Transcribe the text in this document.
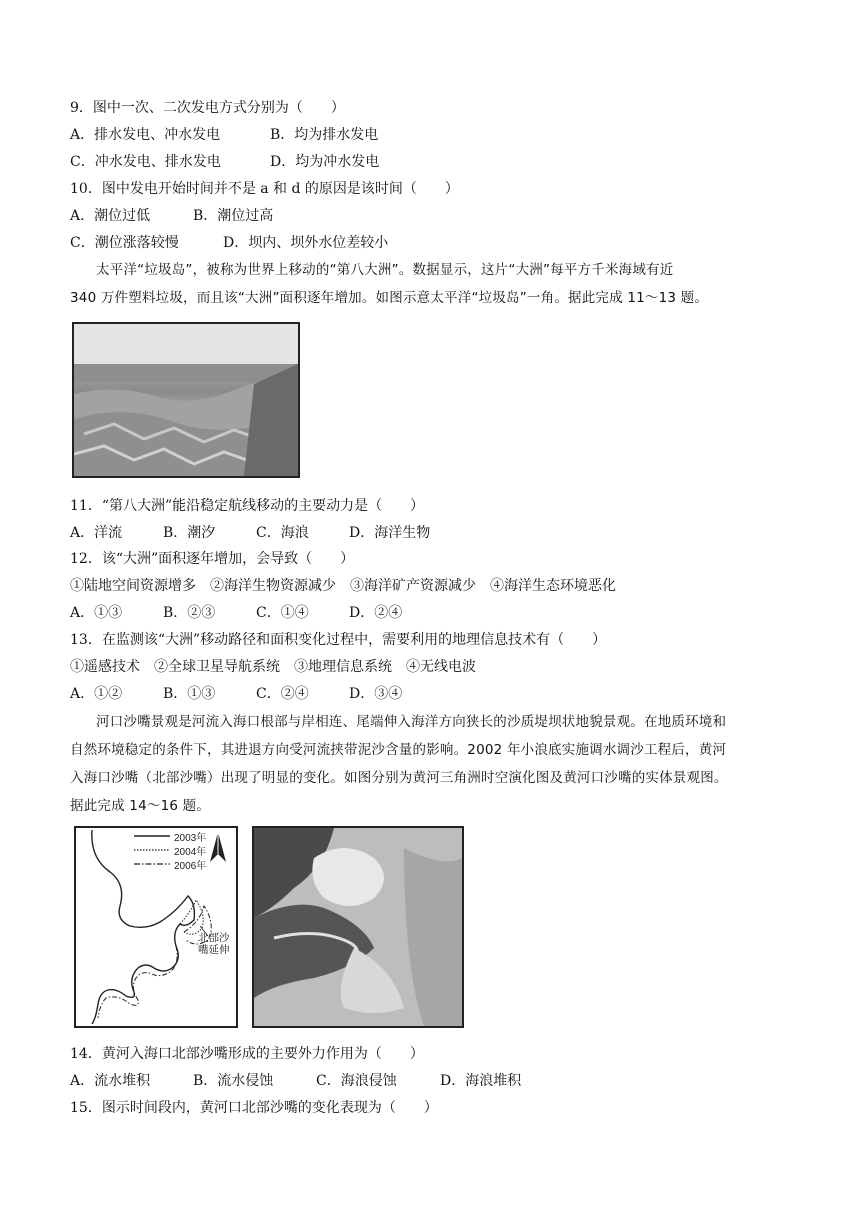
9．图中一次、二次发电方式分别为（　　）
A．排水发电、冲水发电	B．均为排水发电
C．冲水发电、排水发电	D．均为冲水发电
10．图中发电开始时间并不是 a 和 d 的原因是该时间（　　）
A．潮位过低	B．潮位过高
C．潮位涨落较慢	D．坝内、坝外水位差较小
太平洋“垃圾岛”，被称为世界上移动的“第八大洲”。数据显示，这片“大洲”每平方千米海域有近
340 万件塑料垃圾，而且该“大洲”面积逐年增加。如图示意太平洋“垃圾岛”一角。据此完成 11～13 题。
11．“第八大洲”能沿稳定航线移动的主要动力是（　　）
A．洋流	B．潮汐	C．海浪	D．海洋生物
12．该“大洲”面积逐年增加，会导致（　　）
①陆地空间资源增多　②海洋生物资源减少　③海洋矿产资源减少　④海洋生态环境恶化
A．①③	B．②③	C．①④	D．②④
13．在监测该“大洲”移动路径和面积变化过程中，需要利用的地理信息技术有（　　）
①遥感技术　②全球卫星导航系统　③地理信息系统　④无线电波
A．①②	B．①③	C．②④	D．③④
河口沙嘴景观是河流入海口根部与岸相连、尾端伸入海洋方向狭长的沙质堤坝状地貌景观。在地质环境和
自然环境稳定的条件下，其进退方向受河流挟带泥沙含量的影响。2002 年小浪底实施调水调沙工程后，黄河
入海口沙嘴（北部沙嘴）出现了明显的变化。如图分别为黄河三角洲时空演化图及黄河口沙嘴的实体景观图。
据此完成 14～16 题。
2003年
2004年
2006年
北部沙
嘴延伸
14．黄河入海口北部沙嘴形成的主要外力作用为（　　）
A．流水堆积	B．流水侵蚀	C．海浪侵蚀	D．海浪堆积
15．图示时间段内，黄河口北部沙嘴的变化表现为（　　）
